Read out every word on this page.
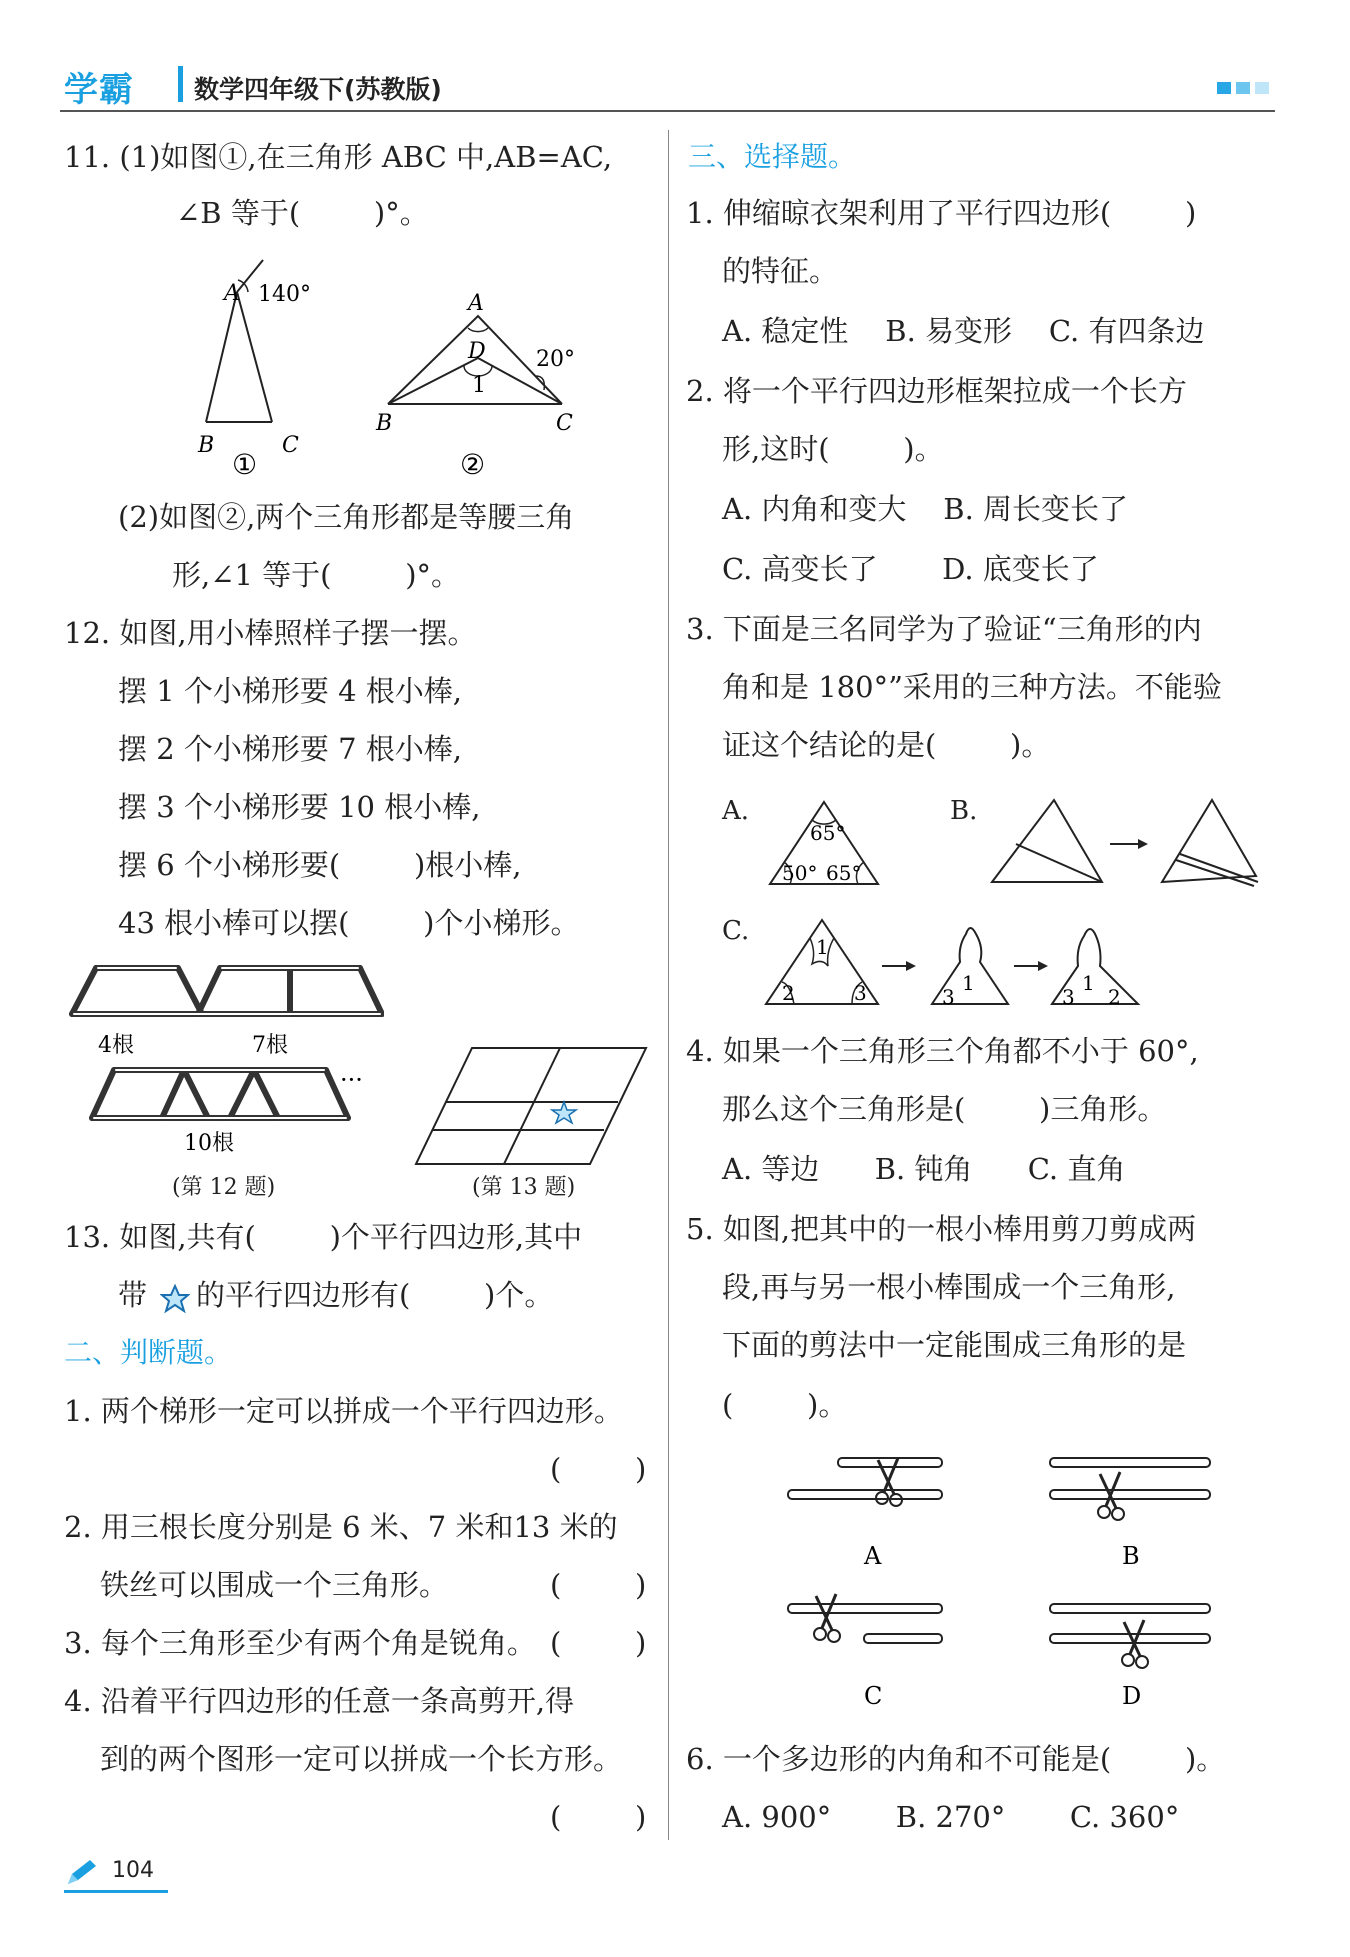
学霸 数学四年级下(苏教版)
11. (1)如图①,在三角形 ABC 中,AB=AC,
∠B 等于(        )°。
A 140°
B	C
①
A
D 20°
1
B	C
②
(2)如图②,两个三角形都是等腰三角
形,∠1 等于(        )°。
12. 如图,用小棒照样子摆一摆。
摆 1 个小梯形要 4 根小棒,
摆 2 个小梯形要 7 根小棒,
摆 3 个小梯形要 10 根小棒,
摆 6 个小梯形要(        )根小棒,
43 根小棒可以摆(        )个小梯形。
4根	7根
···
10根
(第 12 题)	(第 13 题)
13. 如图,共有(        )个平行四边形,其中
带 的平行四边形有(        )个。
二、判断题。
1. 两个梯形一定可以拼成一个平行四边形。
(        )
2. 用三根长度分别是 6 米、7 米和13 米的
铁丝可以围成一个三角形。	(        )
3. 每个三角形至少有两个角是锐角。 (        )
4. 沿着平行四边形的任意一条高剪开,得
到的两个图形一定可以拼成一个长方形。
(        )
三、选择题。
1. 伸缩晾衣架利用了平行四边形(        )
的特征。
A. 稳定性    B. 易变形    C. 有四条边
2. 将一个平行四边形框架拉成一个长方
形,这时(        )。
A. 内角和变大    B. 周长变长了
C. 高变长了       D. 底变长了
3. 下面是三名同学为了验证“三角形的内
角和是 180°”采用的三种方法。不能验
证这个结论的是(        )。
A.
65°
50° 65°
B.
C.
1
2	3	1
3
1
3 2
4. 如果一个三角形三个角都不小于 60°,
那么这个三角形是(        )三角形。
A. 等边      B. 钝角      C. 直角
5. 如图,把其中的一根小棒用剪刀剪成两
段,再与另一根小棒围成一个三角形,
下面的剪法中一定能围成三角形的是
(        )。
A	B
C	D
6. 一个多边形的内角和不可能是(        )。
A. 900°       B. 270°       C. 360°
104
